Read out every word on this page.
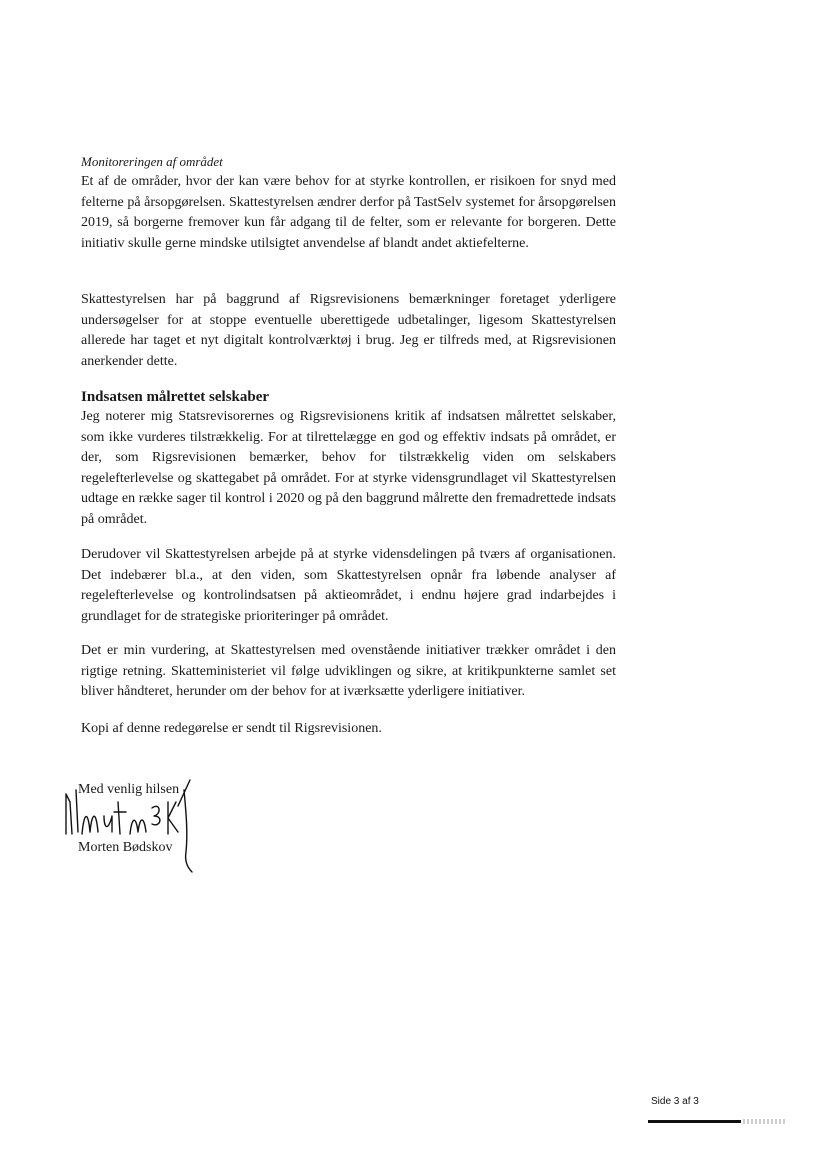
Monitoreringen af området

Et af de områder, hvor der kan være behov for at styrke kontrollen, er risikoen for snyd med felterne på årsopgørelsen. Skattestyrelsen ændrer derfor på TastSelv systemet for årsopgørelsen 2019, så borgerne fremover kun får adgang til de felter, som er relevante for borgeren. Dette initiativ skulle gerne mindske utilsigtet anvendelse af blandt andet aktiefelterne.

Skattestyrelsen har på baggrund af Rigsrevisionens bemærkninger foretaget yderligere undersøgelser for at stoppe eventuelle uberettigede udbetalinger, ligesom Skattestyrelsen allerede har taget et nyt digitalt kontrolværktøj i brug. Jeg er tilfreds med, at Rigsrevisionen anerkender dette.

Indsatsen målrettet selskaber

Jeg noterer mig Statsrevisorernes og Rigsrevisionens kritik af indsatsen målrettet selskaber, som ikke vurderes tilstrækkelig. For at tilrettelægge en god og effektiv indsats på området, er der, som Rigsrevisionen bemærker, behov for tilstrækkelig viden om selskabers regelefterlevelse og skattegabet på området. For at styrke vidensgrundlaget vil Skattestyrelsen udtage en række sager til kontrol i 2020 og på den baggrund målrette den fremadrettede indsats på området.

Derudover vil Skattestyrelsen arbejde på at styrke vidensdelingen på tværs af organisationen. Det indebærer bl.a., at den viden, som Skattestyrelsen opnår fra løbende analyser af regelefterlevelse og kontrolindsatsen på aktieområdet, i endnu højere grad indarbejdes i grundlaget for de strategiske prioriteringer på området.

Det er min vurdering, at Skattestyrelsen med ovenstående initiativer trækker området i den rigtige retning. Skatteministeriet vil følge udviklingen og sikre, at kritikpunkterne samlet set bliver håndteret, herunder om der behov for at iværksætte yderligere initiativer.

Kopi af denne redegørelse er sendt til Rigsrevisionen.

Med venlig hilsen
Morten Bødskov
Side 3 af 3
